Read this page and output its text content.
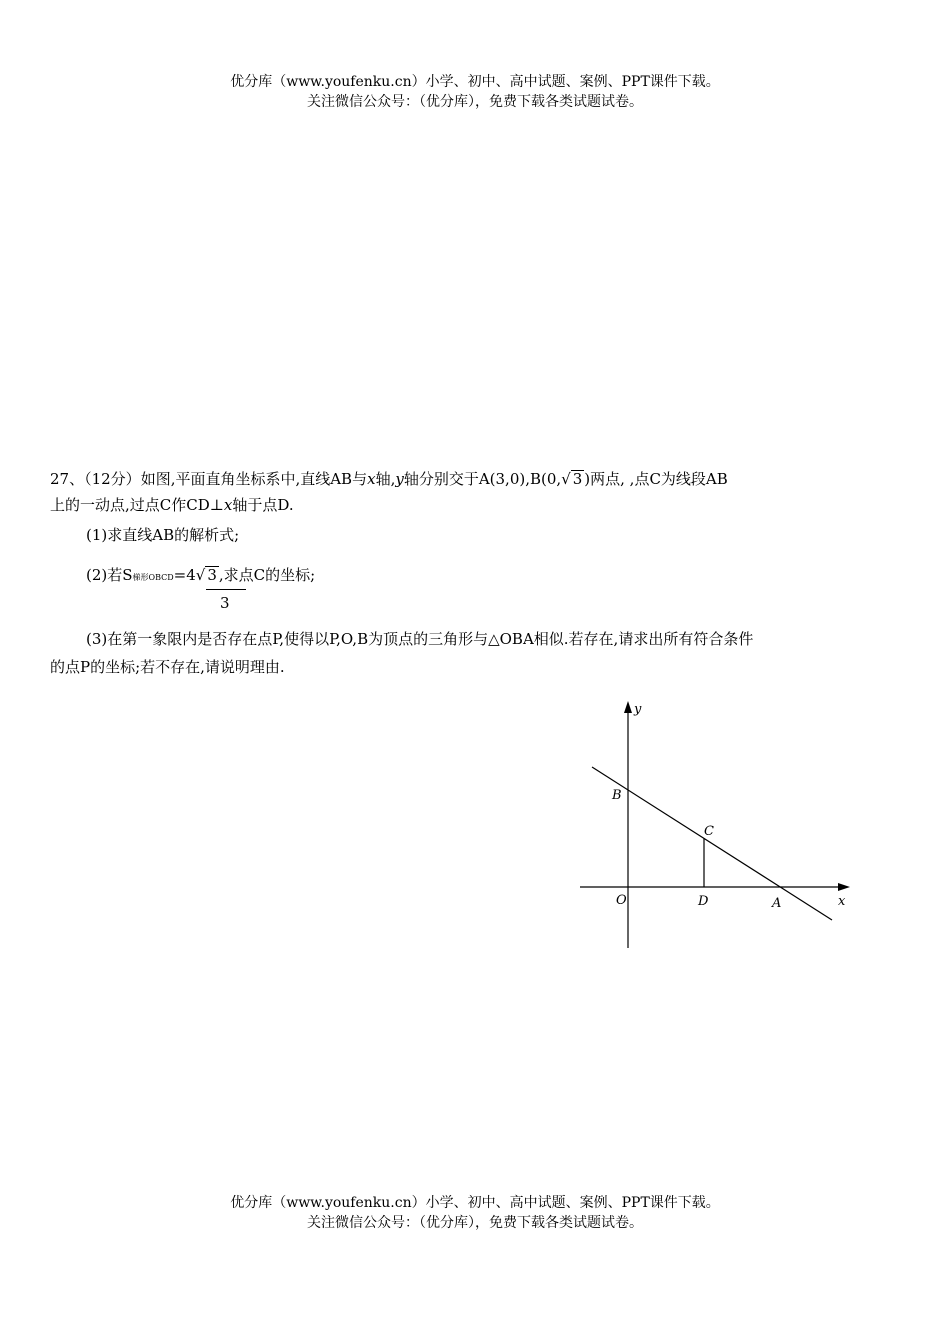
优分库（www.youfenku.cn）小学、初中、高中试题、案例、PPT课件下载。
关注微信公众号：（优分库），免费下载各类试题试卷。
27、（12分）如图,平面直角坐标系中,直线AB与x轴,y轴分别交于A(3,0),B(0,√ 3 )两点, ,点C为线段AB
上的一动点,过点C作CD⊥x轴于点D.
(1)求直线AB的解析式;
(2)若S梯形OBCD=4√ 3 ,求点C的坐标;
3
(3)在第一象限内是否存在点P,使得以P,O,B为顶点的三角形与△OBA相似.若存在,请求出所有符合条件
的点P的坐标;若不存在,请说明理由.
y
B
C
O	D	A	x
优分库（www.youfenku.cn）小学、初中、高中试题、案例、PPT课件下载。
关注微信公众号：（优分库），免费下载各类试题试卷。
